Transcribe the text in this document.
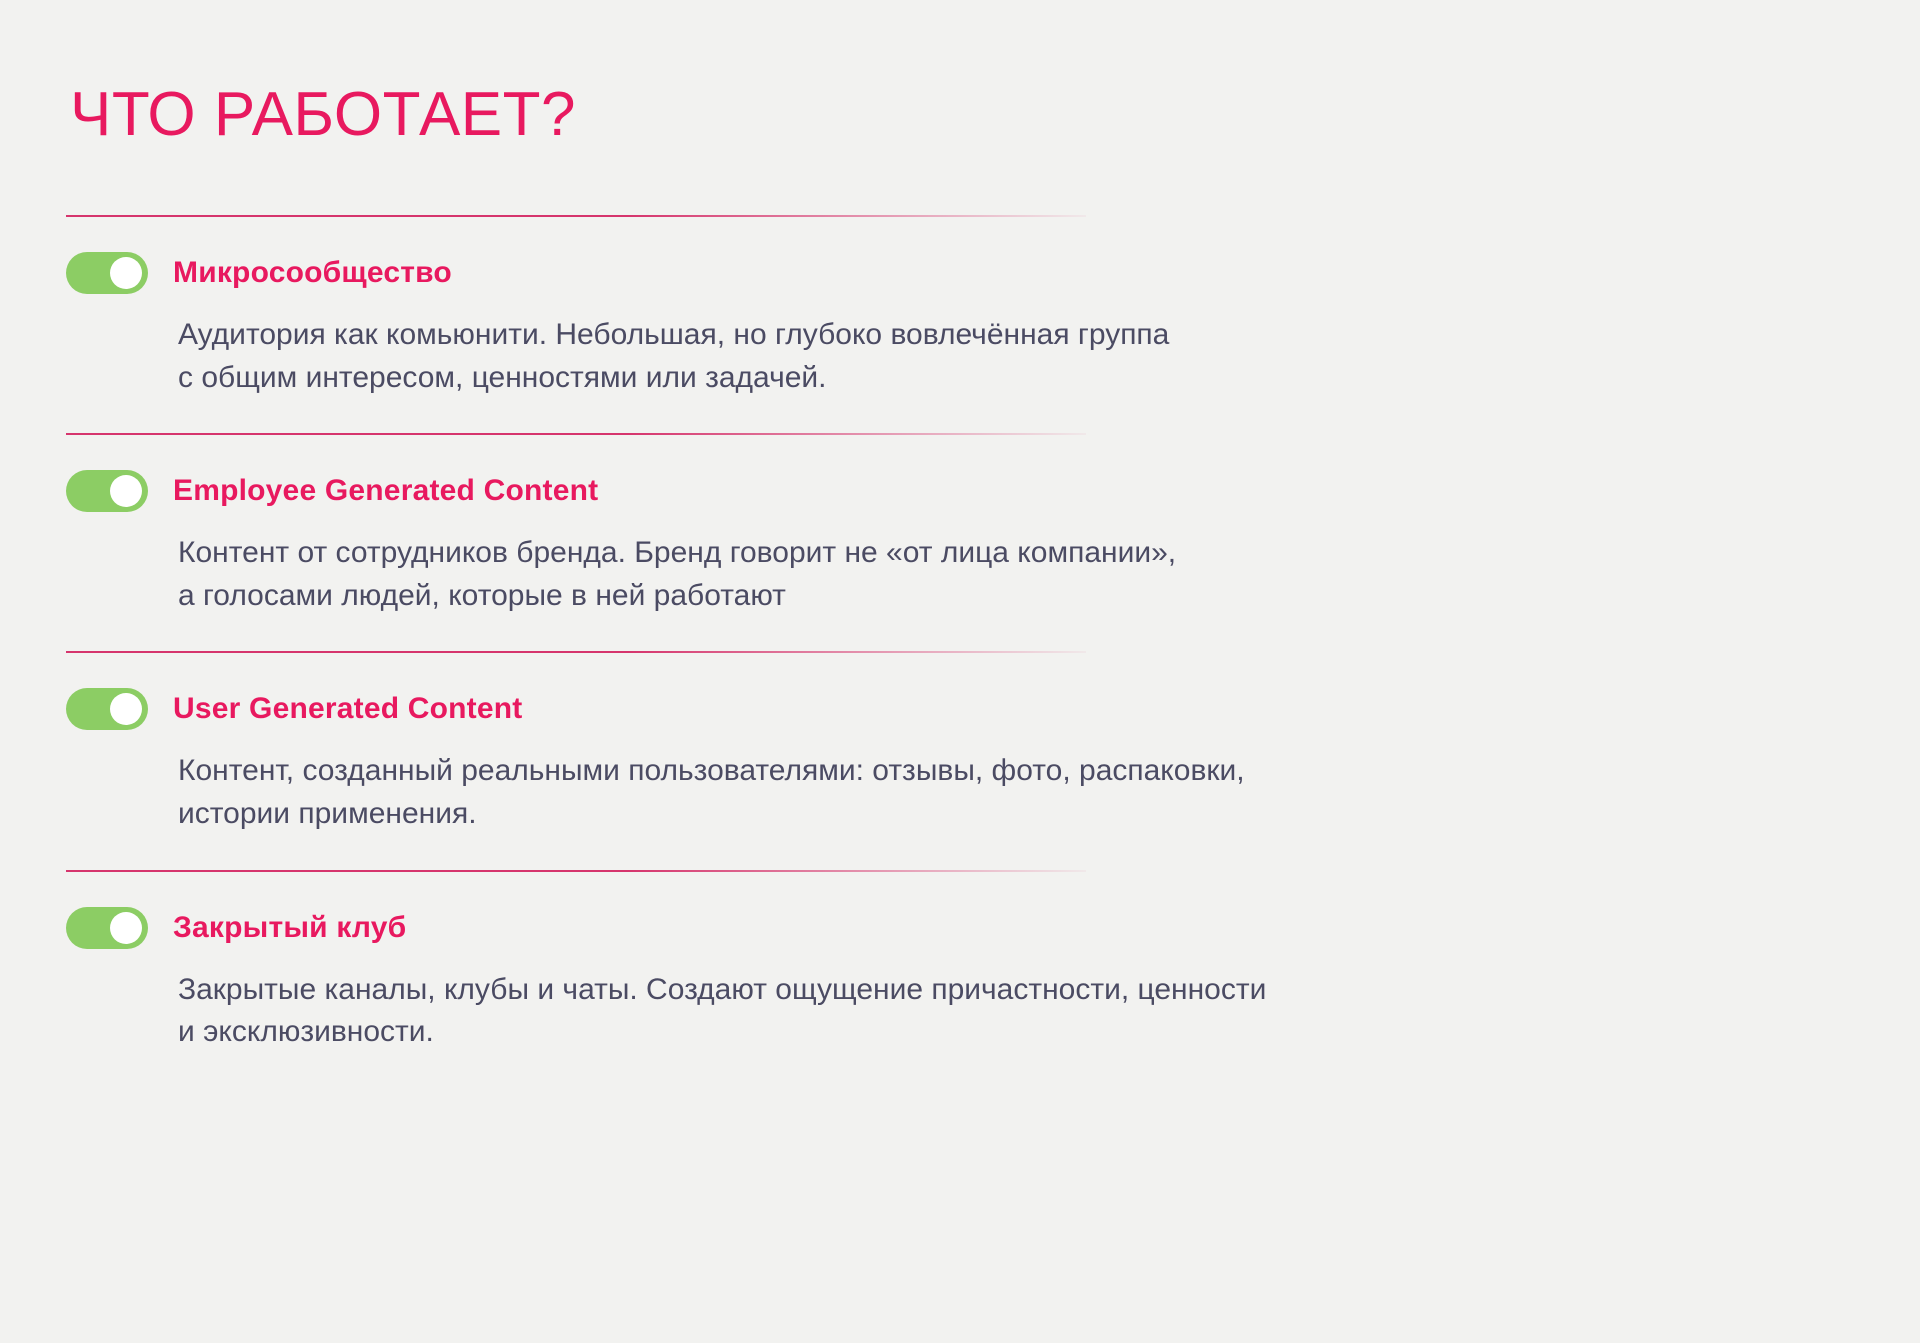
ЧТО РАБОТАЕТ?
Микросообщество
Аудитория как комьюнити. Небольшая, но глубоко вовлечённая группа
с общим интересом, ценностями или задачей.
Employee Generated Content
Контент от сотрудников бренда. Бренд говорит не «от лица компании»,
а голосами людей, которые в ней работают
User Generated Content
Контент, созданный реальными пользователями: отзывы, фото, распаковки,
истории применения.
Закрытый клуб
Закрытые каналы, клубы и чаты. Создают ощущение причастности, ценности
и эксклюзивности.
